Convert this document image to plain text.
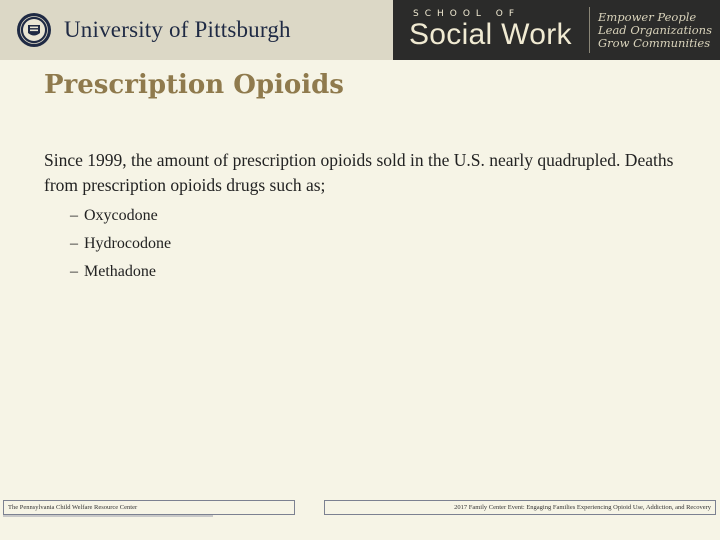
University of Pittsburgh
SCHOOL OF
Social Work
Empower People
Lead Organizations
Grow Communities
Prescription Opioids

Since 1999, the amount of prescription opioids sold in the U.S. nearly quadrupled. Deaths from prescription opioids drugs such as;

– Oxycodone
– Hydrocodone
– Methadone
The Pennsylvania Child Welfare Resource Center	2017 Family Center Event: Engaging Families Experiencing Opioid Use, Addiction, and Recovery
